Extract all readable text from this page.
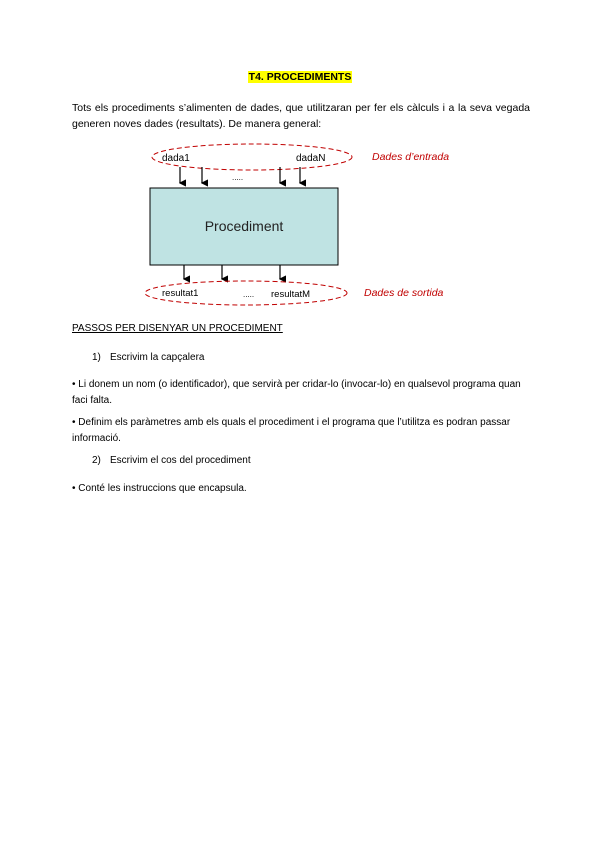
T4. PROCEDIMENTS
Tots els procediments s’alimenten de dades, que utilitzaran per fer els càlculs i a la seva vegada generen noves dades (resultats). De manera general:
dada1	dadaN
.....
Procediment
resultat1	..... resultatM
Dades d’entrada
Dades de sortida
PASSOS PER DISENYAR UN PROCEDIMENT
1) Escrivim la capçalera
• Li donem un nom (o identificador), que servirà per cridar-lo (invocar-lo) en qualsevol programa quan faci falta.
• Definim els paràmetres amb els quals el procediment i el programa que l’utilitza es podran passar informació.
2) Escrivim el cos del procediment
• Conté les instruccions que encapsula.
